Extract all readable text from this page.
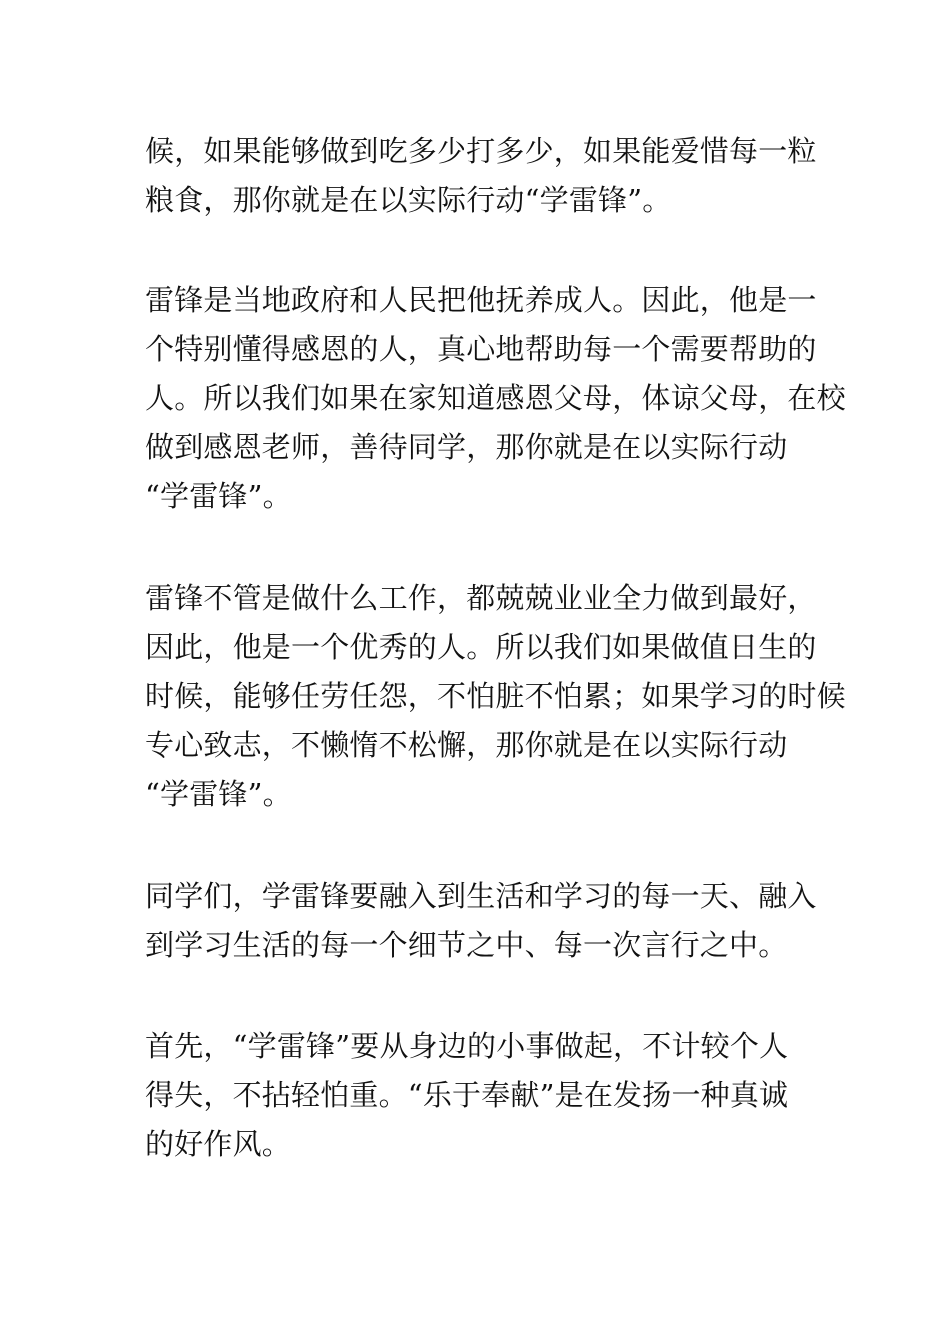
候，如果能够做到吃多少打多少，如果能爱惜每一粒
粮食，那你就是在以实际行动“学雷锋”。
雷锋是当地政府和人民把他抚养成人。因此，他是一
个特别懂得感恩的人，真心地帮助每一个需要帮助的
人。所以我们如果在家知道感恩父母，体谅父母，在校
做到感恩老师，善待同学，那你就是在以实际行动
“学雷锋”。
雷锋不管是做什么工作，都兢兢业业全力做到最好，
因此，他是一个优秀的人。所以我们如果做值日生的
时候，能够任劳任怨，不怕脏不怕累；如果学习的时候
专心致志，不懒惰不松懈，那你就是在以实际行动
“学雷锋”。
同学们，学雷锋要融入到生活和学习的每一天、融入
到学习生活的每一个细节之中、每一次言行之中。
首先，“学雷锋”要从身边的小事做起，不计较个人
得失，不拈轻怕重。“乐于奉献”是在发扬一种真诚
的好作风。
